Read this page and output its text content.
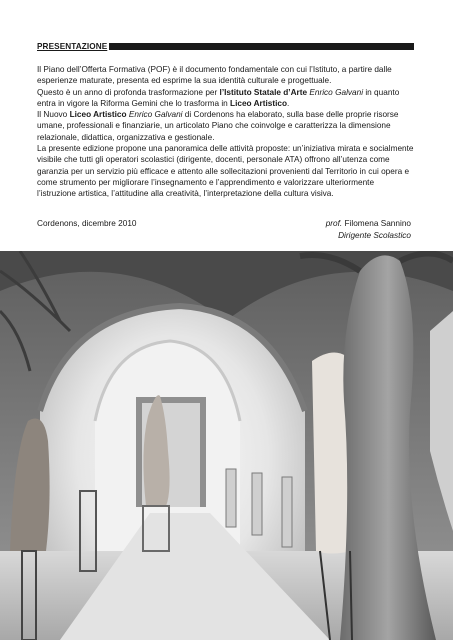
PRESENTAZIONE

Il Piano dell’Offerta Formativa (POF) è il documento fondamentale con cui l’Istituto, a partire dalle esperienze maturate, presenta ed esprime la sua identità culturale e progettuale.

Questo è un anno di profonda trasformazione per l’Istituto Statale d’Arte Enrico Galvani in quanto entra in vigore la Riforma Gemini che lo trasforma in Liceo Artistico.

Il Nuovo Liceo Artistico Enrico Galvani di Cordenons ha elaborato, sulla base delle proprie risorse umane, professionali e finanziarie, un articolato Piano che coinvolge e caratterizza la dimensione relazionale, didattica, organizzativa e gestionale.

La presente edizione propone una panoramica delle attività proposte: un’iniziativa mirata e socialmente visibile che tutti gli operatori scolastici (dirigente, docenti, personale ATA) offrono all’utenza come garanzia per un servizio più efficace e attento alle sollecitazioni provenienti dal Territorio in cui opera e come strumento per migliorare l’insegnamento e l’apprendimento e valorizzare ulteriormente l’istruzione artistica, l’attitudine alla creatività, l’interpretazione della cultura visiva.

Cordenons, dicembre 2010	prof. Filomena Sannino
Dirigente Scolastico
